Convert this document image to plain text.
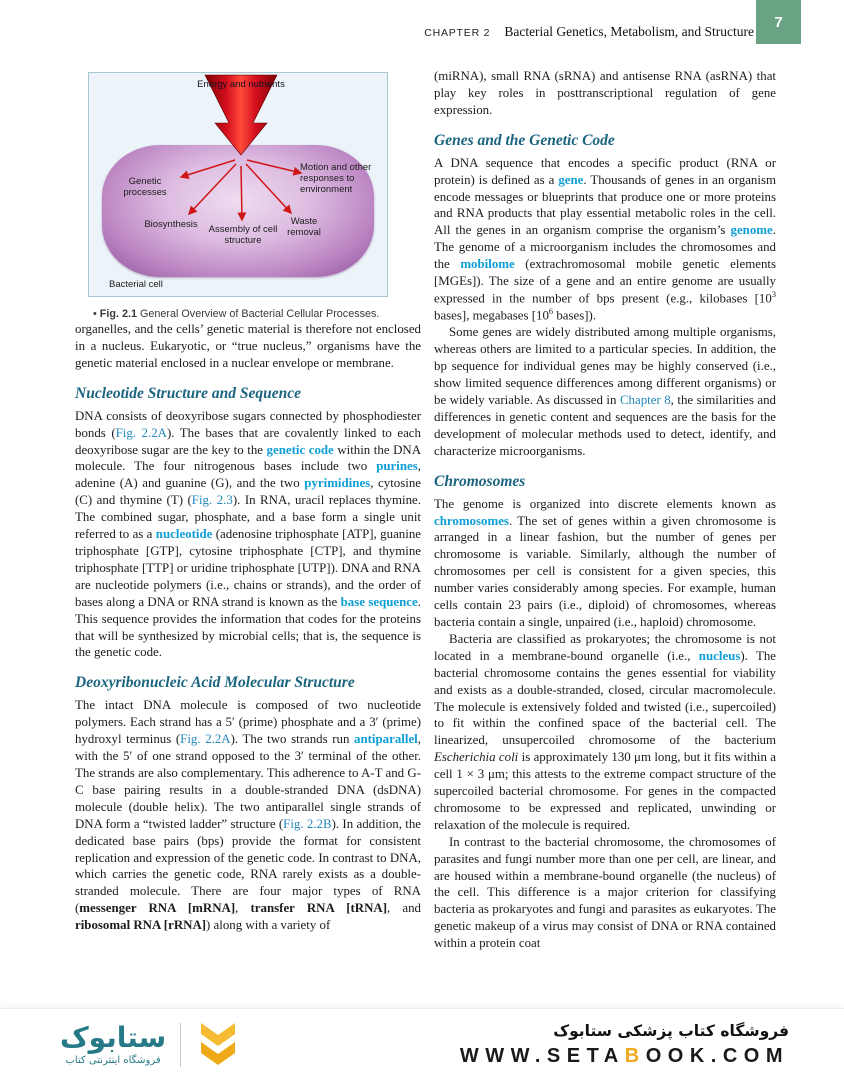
CHAPTER 2 Bacterial Genetics, Metabolism, and Structure
7
Energy and nutrients
Genetic processes
Biosynthesis	Assembly of cell structure
Waste removal
Motion and other responses to environment
Bacterial cell

• Fig. 2.1 General Overview of Bacterial Cellular Processes.

organelles, and the cells’ genetic material is therefore not enclosed in a nucleus. Eukaryotic, or “true nucleus,” organisms have the genetic material enclosed in a nuclear envelope or membrane.

Nucleotide Structure and Sequence

DNA consists of deoxyribose sugars connected by phosphodiester bonds (Fig. 2.2A). The bases that are covalently linked to each deoxyribose sugar are the key to the genetic code within the DNA molecule. The four nitrogenous bases include two purines, adenine (A) and guanine (G), and the two pyrimidines, cytosine (C) and thymine (T) (Fig. 2.3). In RNA, uracil replaces thymine. The combined sugar, phosphate, and a base form a single unit referred to as a nucleotide (adenosine triphosphate [ATP], guanine triphosphate [GTP], cytosine triphosphate [CTP], and thymine triphosphate [TTP] or uridine triphosphate [UTP]). DNA and RNA are nucleotide polymers (i.e., chains or strands), and the order of bases along a DNA or RNA strand is known as the base sequence. This sequence provides the information that codes for the proteins that will be synthesized by microbial cells; that is, the sequence is the genetic code.

Deoxyribonucleic Acid Molecular Structure

The intact DNA molecule is composed of two nucleotide polymers. Each strand has a 5′ (prime) phosphate and a 3′ (prime) hydroxyl terminus (Fig. 2.2A). The two strands run antiparallel, with the 5′ of one strand opposed to the 3′ terminal of the other. The strands are also complementary. This adherence to A-T and G-C base pairing results in a double-stranded DNA (dsDNA) molecule (double helix). The two antiparallel single strands of DNA form a “twisted ladder” structure (Fig. 2.2B). In addition, the dedicated base pairs (bps) provide the format for consistent replication and expression of the genetic code. In contrast to DNA, which carries the genetic code, RNA rarely exists as a double-stranded molecule. There are four major types of RNA (messenger RNA [mRNA], transfer RNA [tRNA], and ribosomal RNA [rRNA]) along with a variety of

(miRNA), small RNA (sRNA) and antisense RNA (asRNA) that play key roles in posttranscriptional regulation of gene expression.

Genes and the Genetic Code

A DNA sequence that encodes a specific product (RNA or protein) is defined as a gene. Thousands of genes in an organism encode messages or blueprints that produce one or more proteins and RNA products that play essential metabolic roles in the cell. All the genes in an organism comprise the organism’s genome. The genome of a microorganism includes the chromosomes and the mobilome (extrachromosomal mobile genetic elements [MGEs]). The size of a gene and an entire genome are usually expressed in the number of bps present (e.g., kilobases [$10^3$ bases], megabases [$10^6$ bases]).

Some genes are widely distributed among multiple organisms, whereas others are limited to a particular species. In addition, the bp sequence for individual genes may be highly conserved (i.e., show limited sequence differences among different organisms) or be widely variable. As discussed in Chapter 8, the similarities and differences in genetic content and sequences are the basis for the development of molecular methods used to detect, identify, and characterize microorganisms.

Chromosomes

The genome is organized into discrete elements known as chromosomes. The set of genes within a given chromosome is arranged in a linear fashion, but the number of genes per chromosome is variable. Similarly, although the number of chromosomes per cell is consistent for a given species, this number varies considerably among species. For example, human cells contain 23 pairs (i.e., diploid) of chromosomes, whereas bacteria contain a single, unpaired (i.e., haploid) chromosome.

Bacteria are classified as prokaryotes; the chromosome is not located in a membrane-bound organelle (i.e., nucleus). The bacterial chromosome contains the genes essential for viability and exists as a double-stranded, closed, circular macromolecule. The molecule is extensively folded and twisted (i.e., supercoiled) to fit within the confined space of the bacterial cell. The linearized, unsupercoiled chromosome of the bacterium Escherichia coli is approximately 130 μm long, but it fits within a cell 1 × 3 μm; this attests to the extreme compact structure of the supercoiled bacterial chromosome. For genes in the compacted chromosome to be expressed and replicated, unwinding or relaxation of the molecule is required.

In contrast to the bacterial chromosome, the chromosomes of parasites and fungi number more than one per cell, are linear, and are housed within a membrane-bound organelle (the nucleus) of the cell. This difference is a major criterion for classifying bacteria as prokaryotes and fungi and parasites as eukaryotes. The genetic makeup of a virus may consist of DNA or RNA contained within a protein coat

ستابوک
فروشگاه اینترنتی کتاب
فروشگاه کتاب پزشکی ستابوک
WWW.SETABOOK.COM
